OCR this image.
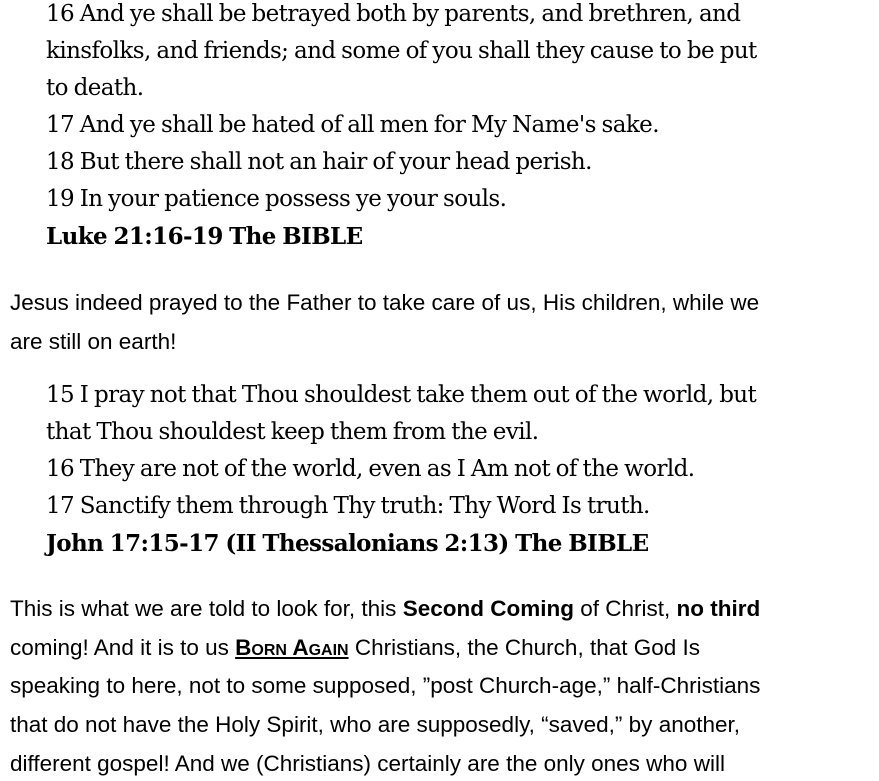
16 And ye shall be betrayed both by parents, and brethren, and
kinsfolks, and friends; and some of you shall they cause to be put
to death.
17 And ye shall be hated of all men for My Name's sake.
18 But there shall not an hair of your head perish.
19 In your patience possess ye your souls.
Luke 21:16-19 The BIBLE
Jesus indeed prayed to the Father to take care of us, His children, while we
are still on earth!
15 I pray not that Thou shouldest take them out of the world, but
that Thou shouldest keep them from the evil.
16 They are not of the world, even as I Am not of the world.
17 Sanctify them through Thy truth: Thy Word Is truth.
John 17:15-17 (II Thessalonians 2:13) The BIBLE
This is what we are told to look for, this Second Coming of Christ, no third
coming! And it is to us Born Again Christians, the Church, that God Is
speaking to here, not to some supposed, ”post Church-age,” half-Christians
that do not have the Holy Spirit, who are supposedly, “saved,” by another,
different gospel! And we (Christians) certainly are the only ones who will
